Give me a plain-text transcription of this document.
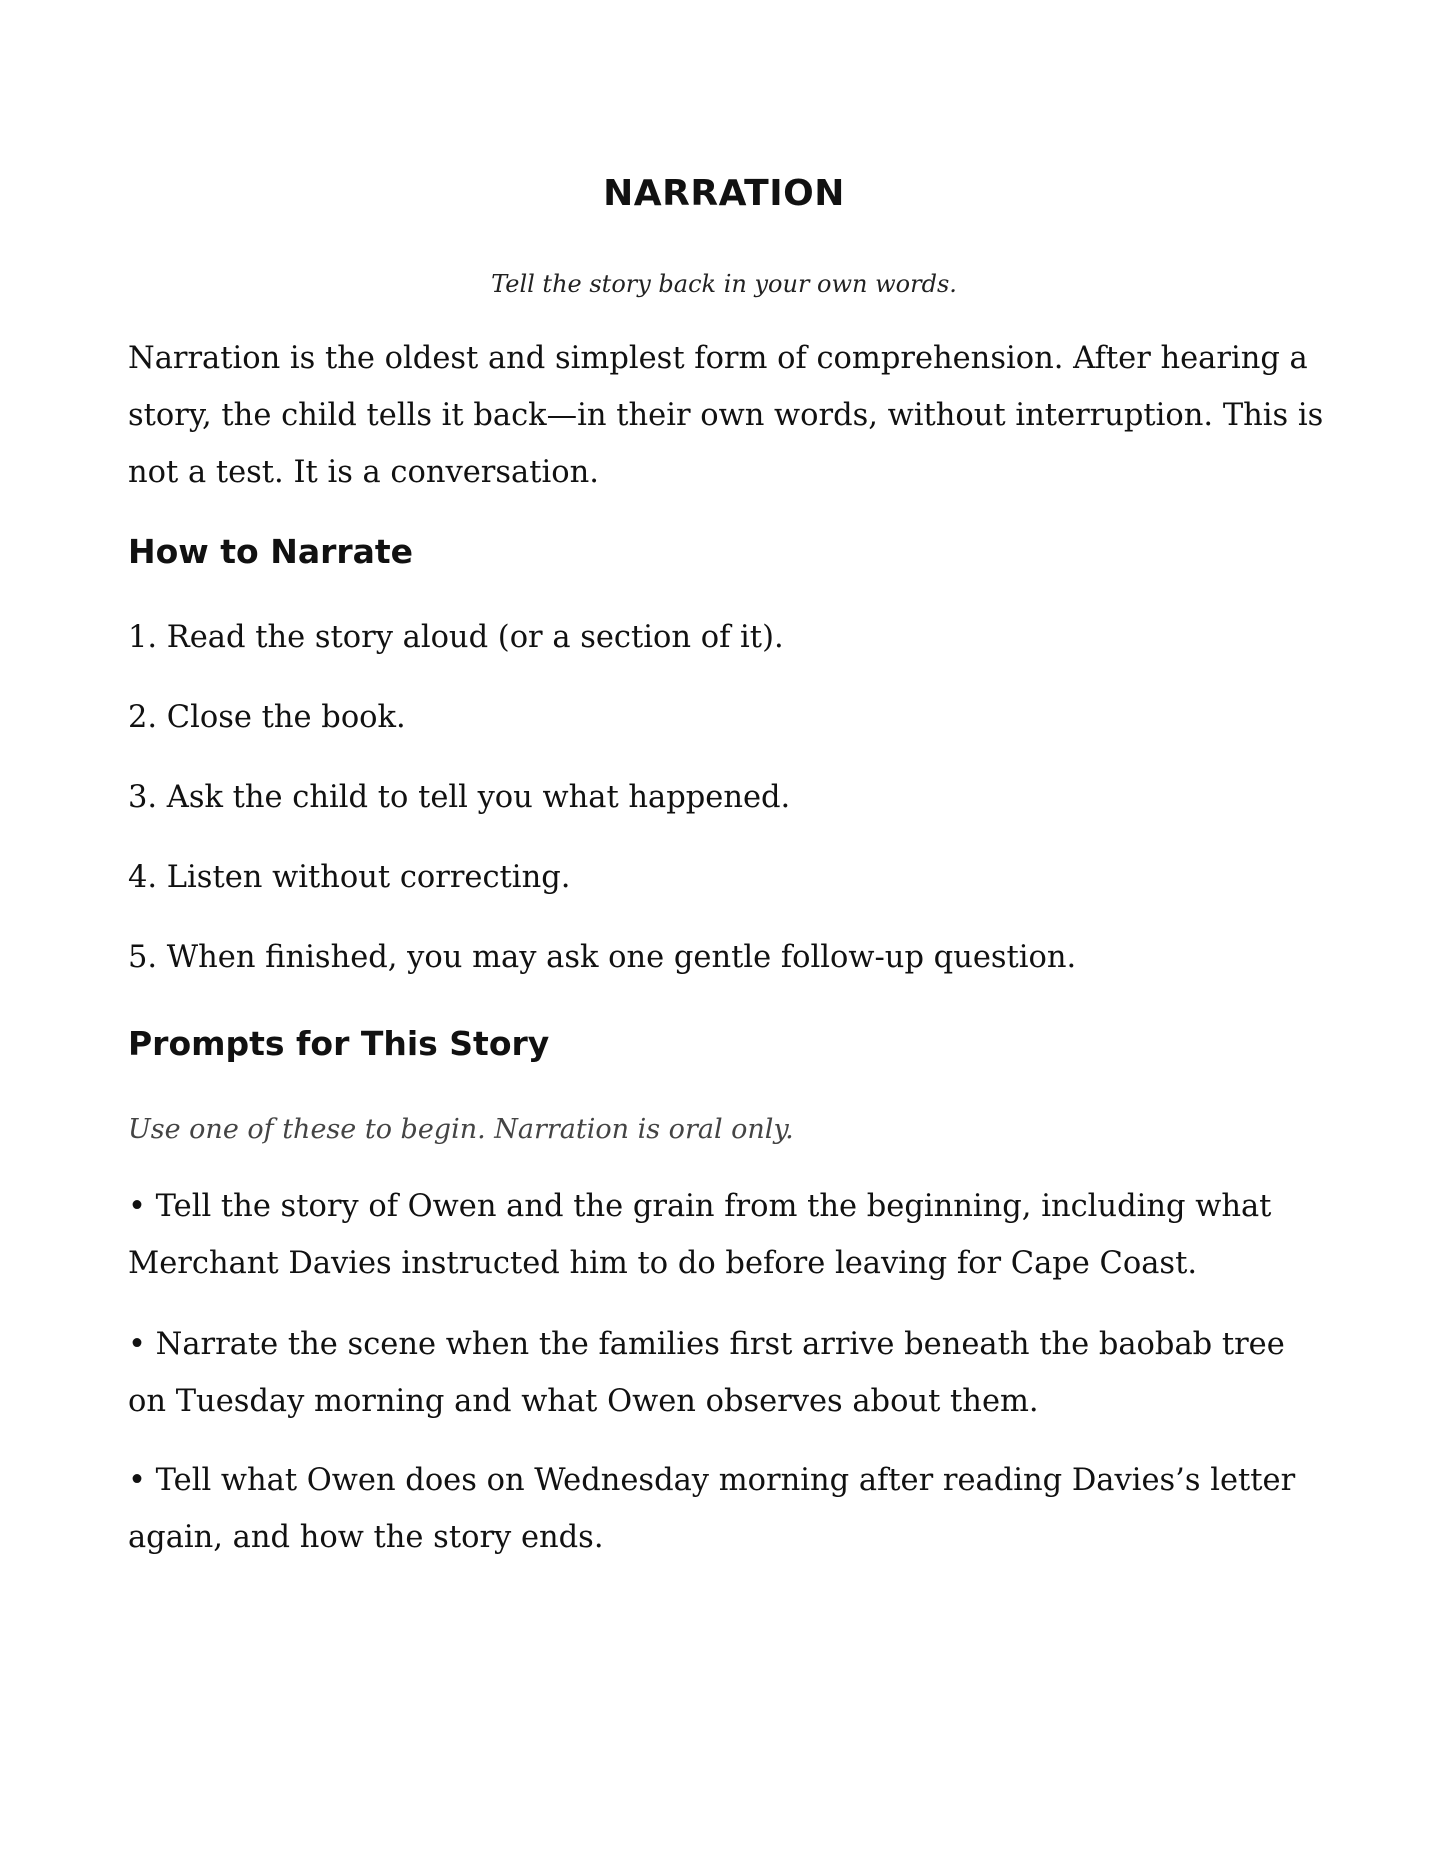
NARRATION

Tell the story back in your own words.

Narration is the oldest and simplest form of comprehension. After hearing a story, the child tells it back—in their own words, without interruption. This is not a test. It is a conversation.

How to Narrate

1. Read the story aloud (or a section of it).

2. Close the book.

3. Ask the child to tell you what happened.

4. Listen without correcting.

5. When finished, you may ask one gentle follow-up question.

Prompts for This Story

Use one of these to begin. Narration is oral only.

• Tell the story of Owen and the grain from the beginning, including what Merchant Davies instructed him to do before leaving for Cape Coast.

• Narrate the scene when the families first arrive beneath the baobab tree on Tuesday morning and what Owen observes about them.

• Tell what Owen does on Wednesday morning after reading Davies’s letter again, and how the story ends.
